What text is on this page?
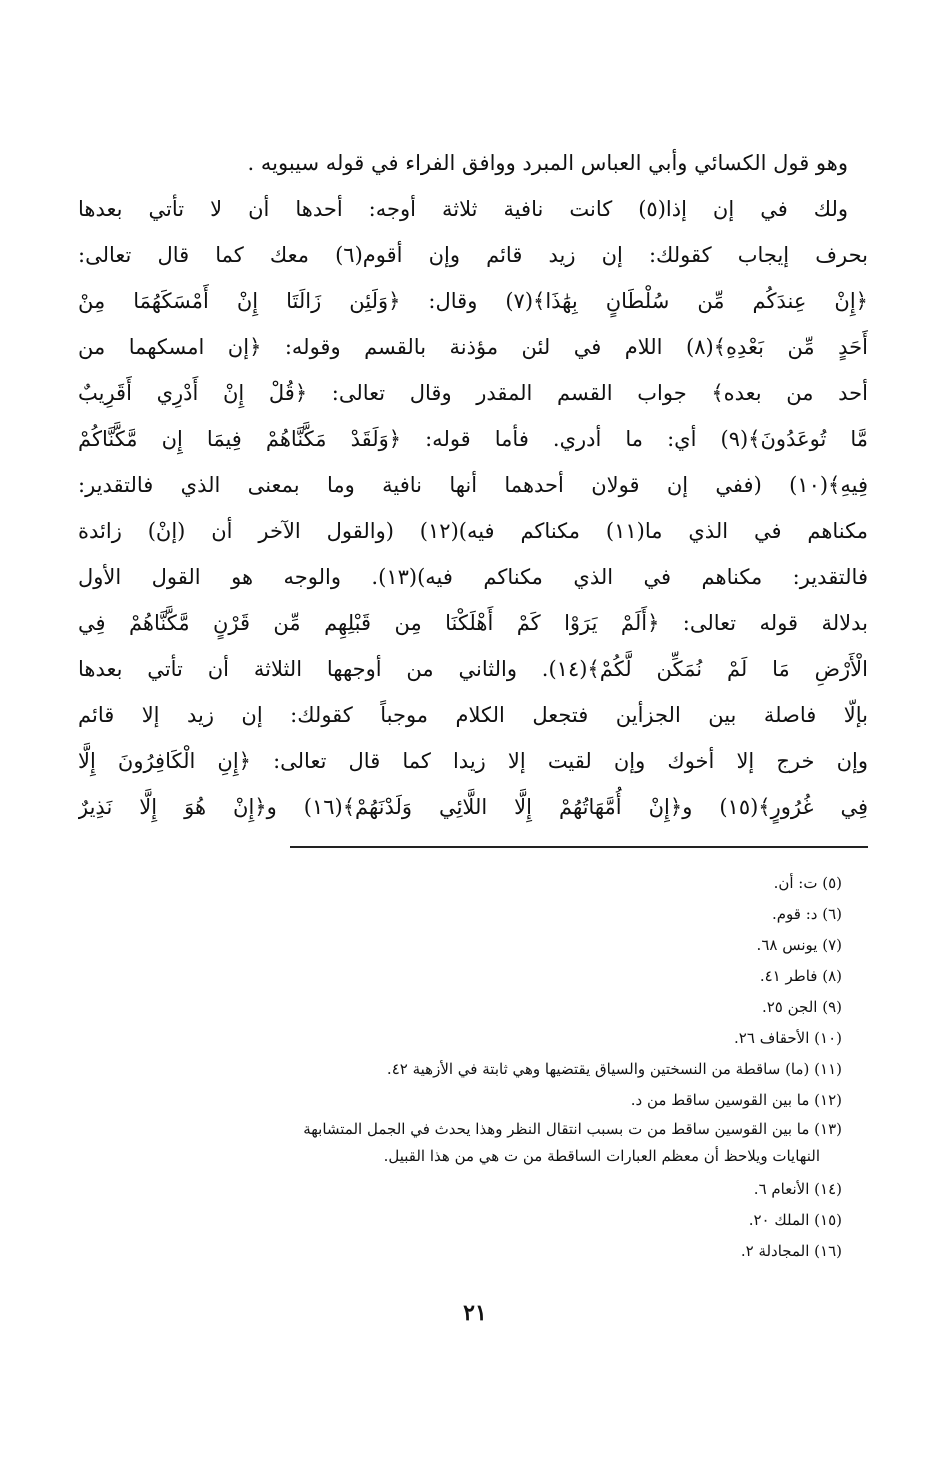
وهو قول الكسائي وأبي العباس المبرد ووافق الفراء في قوله سيبويه .
ولك في إن إذا(٥) كانت نافية ثلاثة أوجه: أحدها أن لا تأتي بعدها
بحرف إيجاب كقولك: إن زيد قائم وإن أقوم(٦) معك كما قال تعالى:
﴿إِنْ عِندَكُم مِّن سُلْطَانٍ بِهَٰذَا﴾(٧) وقال: ﴿وَلَئِن زَالَتَا إِنْ أَمْسَكَهُمَا مِنْ
أَحَدٍ مِّن بَعْدِهِ﴾(٨) اللام في لئن مؤذنة بالقسم وقوله: ﴿إن امسكهما من
أحد من بعده﴾ جواب القسم المقدر وقال تعالى: ﴿قُلْ إِنْ أَدْرِي أَقَرِيبٌ
مَّا تُوعَدُونَ﴾(٩) أي: ما أدري. فأما قوله: ﴿وَلَقَدْ مَكَّنَّاهُمْ فِيمَا إِن مَّكَّنَّاكُمْ
فِيهِ﴾(١٠) (ففي إن قولان أحدهما أنها نافية وما بمعنى الذي فالتقدير:
مكناهم في الذي ما(١١) مكناكم فيه)(١٢) (والقول الآخر أن (إنْ) زائدة
فالتقدير: مكناهم في الذي مكناكم فيه)(١٣). والوجه هو القول الأول
بدلالة قوله تعالى: ﴿أَلَمْ يَرَوْا كَمْ أَهْلَكْنَا مِن قَبْلِهِم مِّن قَرْنٍ مَّكَّنَّاهُمْ فِي
الْأَرْضِ مَا لَمْ نُمَكِّن لَّكُمْ﴾(١٤). والثاني من أوجهها الثلاثة أن تأتي بعدها
بإلّا فاصلة بين الجزأين فتجعل الكلام موجباً كقولك: إن زيد إلا قائم
وإن خرج إلا أخوك وإن لقيت إلا زيدا كما قال تعالى: ﴿إِنِ الْكَافِرُونَ إِلَّا
فِي غُرُورٍ﴾(١٥) و﴿إِنْ أُمَّهَاتُهُمْ إِلَّا اللَّائِي وَلَدْنَهُمْ﴾(١٦) و﴿إِنْ هُوَ إِلَّا نَذِيرٌ
(٥) ت: أن.
(٦) د: قوم.
(٧) يونس ٦٨.
(٨) فاطر ٤١.
(٩) الجن ٢٥.
(١٠) الأحقاف ٢٦.
(١١) (ما) ساقطة من النسختين والسياق يقتضيها وهي ثابتة في الأزهية ٤٢.
(١٢) ما بين القوسين ساقط من د.
(١٣) ما بين القوسين ساقط من ت بسبب انتقال النظر وهذا يحدث في الجمل المتشابهة
النهايات ويلاحظ أن معظم العبارات الساقطة من ت هي من هذا القبيل.
(١٤) الأنعام ٦.
(١٥) الملك ٢٠.
(١٦) المجادلة ٢.
٢١
